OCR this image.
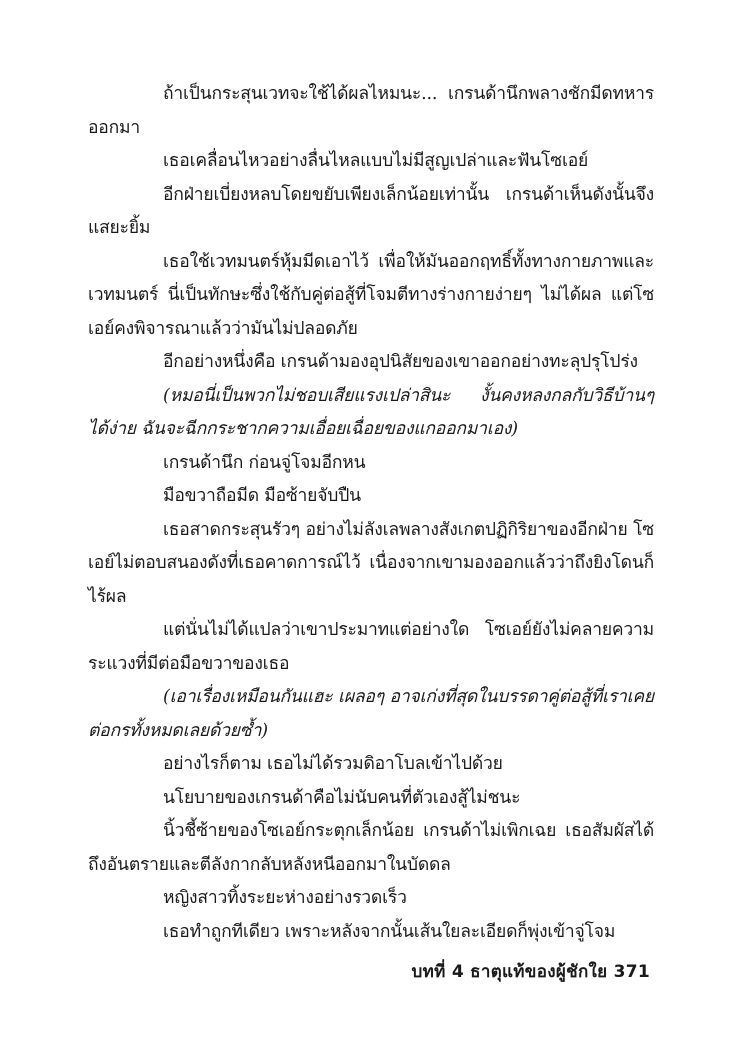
ถ้าเป็นกระสุนเวทจะใช้ได้ผลไหมนะ... เกรนด้านึกพลางชักมีดทหารออกมา

เธอเคลื่อนไหวอย่างลื่นไหลแบบไม่มีสูญเปล่าและฟันโซเอย์

อีกฝ่ายเบี่ยงหลบโดยขยับเพียงเล็กน้อยเท่านั้น เกรนด้าเห็นดังนั้นจึงแสยะยิ้ม

เธอใช้เวทมนตร์หุ้มมีดเอาไว้ เพื่อให้มันออกฤทธิ์ทั้งทางกายภาพและเวทมนตร์ นี่เป็นทักษะซึ่งใช้กับคู่ต่อสู้ที่โจมตีทางร่างกายง่ายๆ ไม่ได้ผล แต่โซเอย์คงพิจารณาแล้วว่ามันไม่ปลอดภัย

อีกอย่างหนึ่งคือ เกรนด้ามองอุปนิสัยของเขาออกอย่างทะลุปรุโปร่ง

(หมอนี่เป็นพวกไม่ชอบเสียแรงเปล่าสินะ งั้นคงหลงกลกับวิธีบ้านๆ ได้ง่าย ฉันจะฉีกกระชากความเอื่อยเฉื่อยของแกออกมาเอง)

เกรนด้านึก ก่อนจู่โจมอีกหน

มือขวาถือมีด มือซ้ายจับปืน

เธอสาดกระสุนรัวๆ อย่างไม่ลังเลพลางสังเกตปฏิกิริยาของอีกฝ่าย โซเอย์ไม่ตอบสนองดังที่เธอคาดการณ์ไว้ เนื่องจากเขามองออกแล้วว่าถึงยิงโดนก็ไร้ผล

แต่นั่นไม่ได้แปลว่าเขาประมาทแต่อย่างใด โซเอย์ยังไม่คลายความระแวงที่มีต่อมือขวาของเธอ

(เอาเรื่องเหมือนกันแฮะ เผลอๆ อาจเก่งที่สุดในบรรดาคู่ต่อสู้ที่เราเคยต่อกรทั้งหมดเลยด้วยซ้ำ)

อย่างไรก็ตาม เธอไม่ได้รวมดิอาโบลเข้าไปด้วย

นโยบายของเกรนด้าคือไม่นับคนที่ตัวเองสู้ไม่ชนะ

นิ้วชี้ซ้ายของโซเอย์กระตุกเล็กน้อย เกรนด้าไม่เพิกเฉย เธอสัมผัสได้ถึงอันตรายและตีลังกากลับหลังหนีออกมาในบัดดล

หญิงสาวทิ้งระยะห่างอย่างรวดเร็ว

เธอทำถูกทีเดียว เพราะหลังจากนั้นเส้นใยละเอียดก็พุ่งเข้าจู่โจม

บทที่ 4 ธาตุแท้ของผู้ชักใย 371
